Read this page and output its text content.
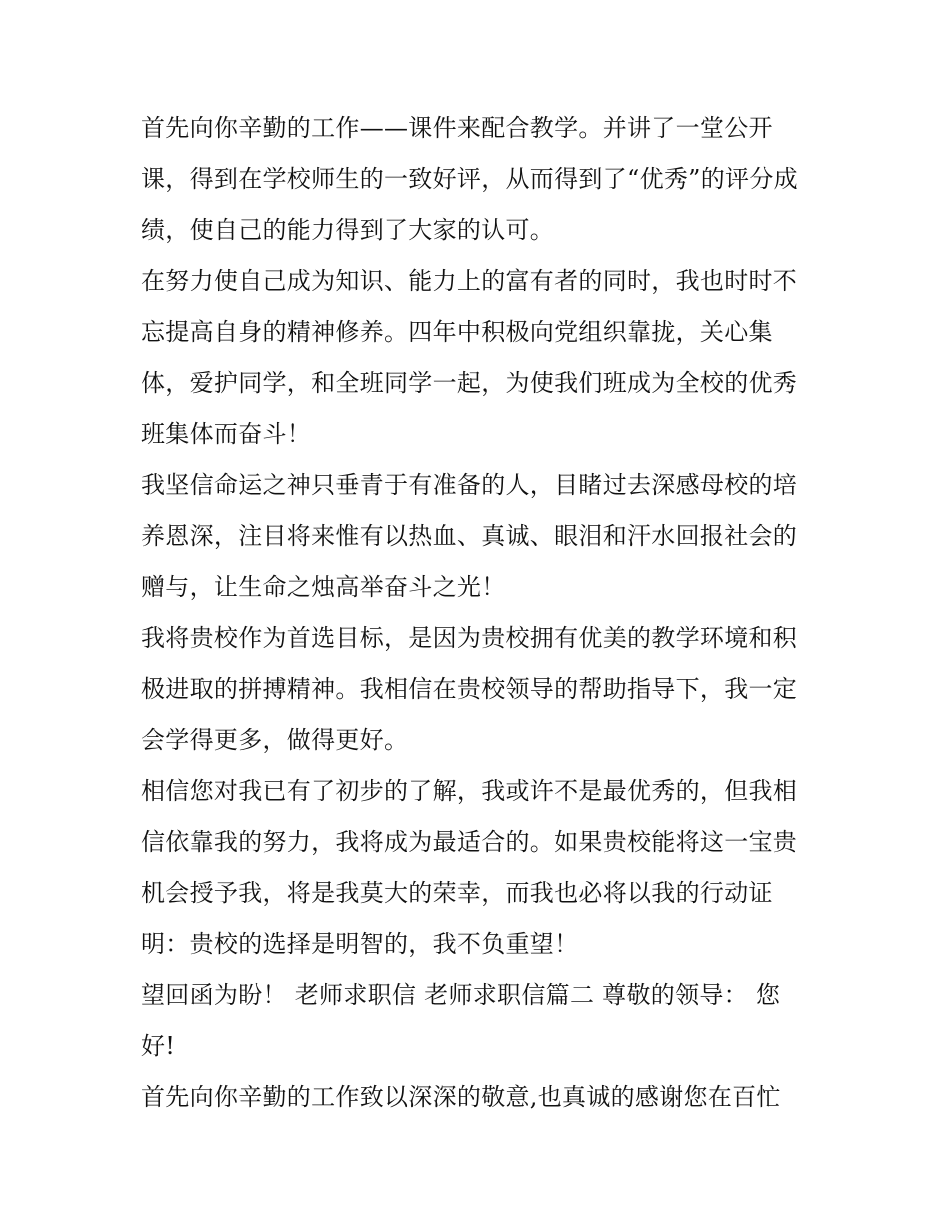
首先向你辛勤的工作——课件来配合教学。并讲了一堂公开
课，得到在学校师生的一致好评，从而得到了“优秀”的评分成
绩，使自己的能力得到了大家的认可。
在努力使自己成为知识、能力上的富有者的同时，我也时时不
忘提高自身的精神修养。四年中积极向党组织靠拢，关心集
体，爱护同学，和全班同学一起，为使我们班成为全校的优秀
班集体而奋斗！
我坚信命运之神只垂青于有准备的人，目睹过去深感母校的培
养恩深，注目将来惟有以热血、真诚、眼泪和汗水回报社会的
赠与，让生命之烛高举奋斗之光！
我将贵校作为首选目标，是因为贵校拥有优美的教学环境和积
极进取的拼搏精神。我相信在贵校领导的帮助指导下，我一定
会学得更多，做得更好。
相信您对我已有了初步的了解，我或许不是最优秀的，但我相
信依靠我的努力，我将成为最适合的。如果贵校能将这一宝贵
机会授予我，将是我莫大的荣幸，而我也必将以我的行动证
明：贵校的选择是明智的，我不负重望！
望回函为盼！ 老师求职信 老师求职信篇二 尊敬的领导： 您
好!
首先向你辛勤的工作致以深深的敬意,也真诚的感谢您在百忙
